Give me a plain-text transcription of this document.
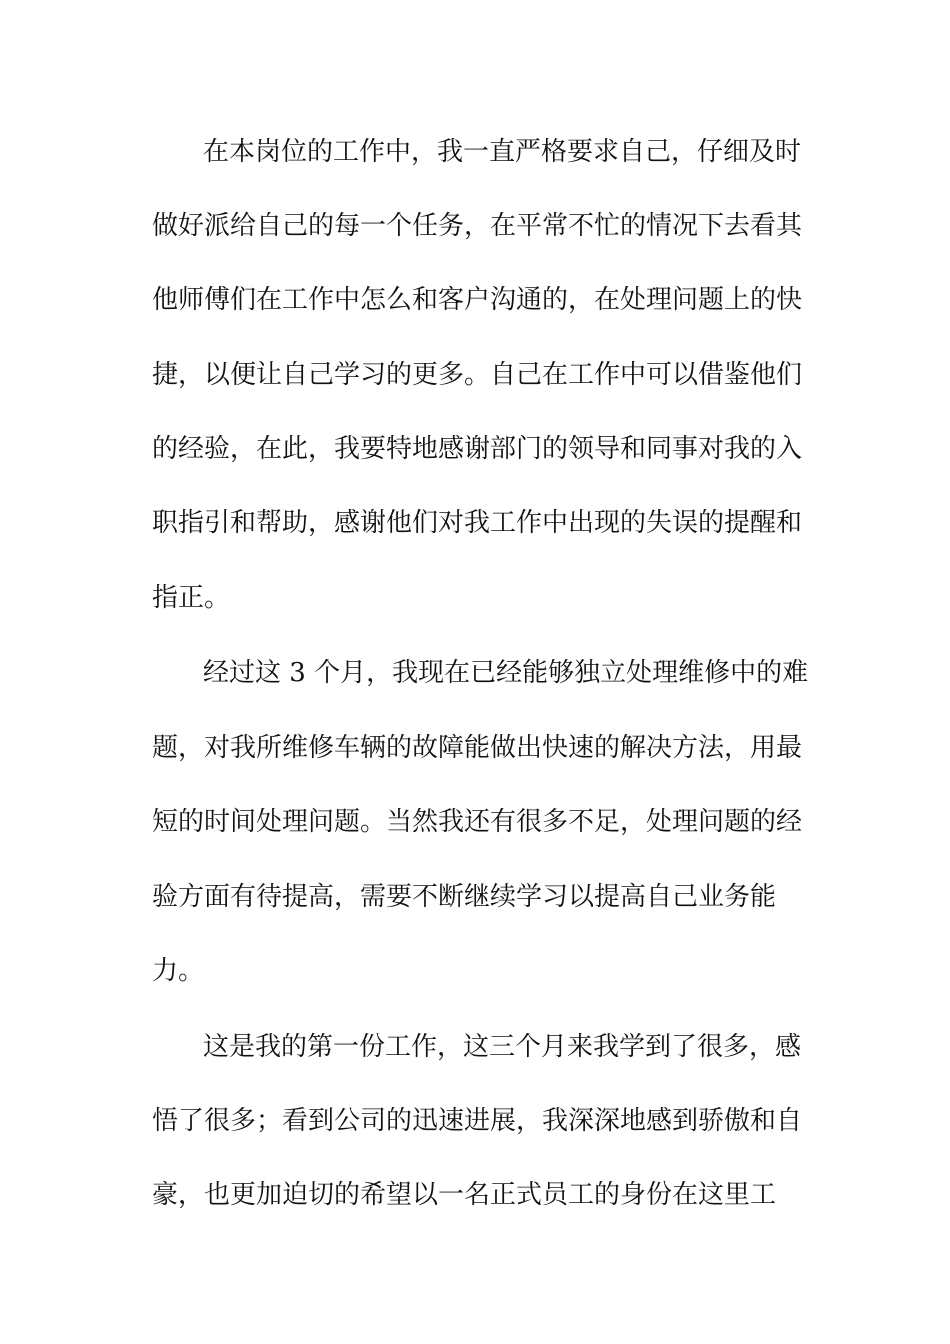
在本岗位的工作中，我一直严格要求自己，仔细及时
做好派给自己的每一个任务，在平常不忙的情况下去看其
他师傅们在工作中怎么和客户沟通的，在处理问题上的快
捷，以便让自己学习的更多。自己在工作中可以借鉴他们
的经验，在此，我要特地感谢部门的领导和同事对我的入
职指引和帮助，感谢他们对我工作中出现的失误的提醒和
指正。
经过这 3 个月，我现在已经能够独立处理维修中的难
题，对我所维修车辆的故障能做出快速的解决方法，用最
短的时间处理问题。当然我还有很多不足，处理问题的经
验方面有待提高，需要不断继续学习以提高自己业务能
力。
这是我的第一份工作，这三个月来我学到了很多，感
悟了很多；看到公司的迅速进展，我深深地感到骄傲和自
豪，也更加迫切的希望以一名正式员工的身份在这里工
